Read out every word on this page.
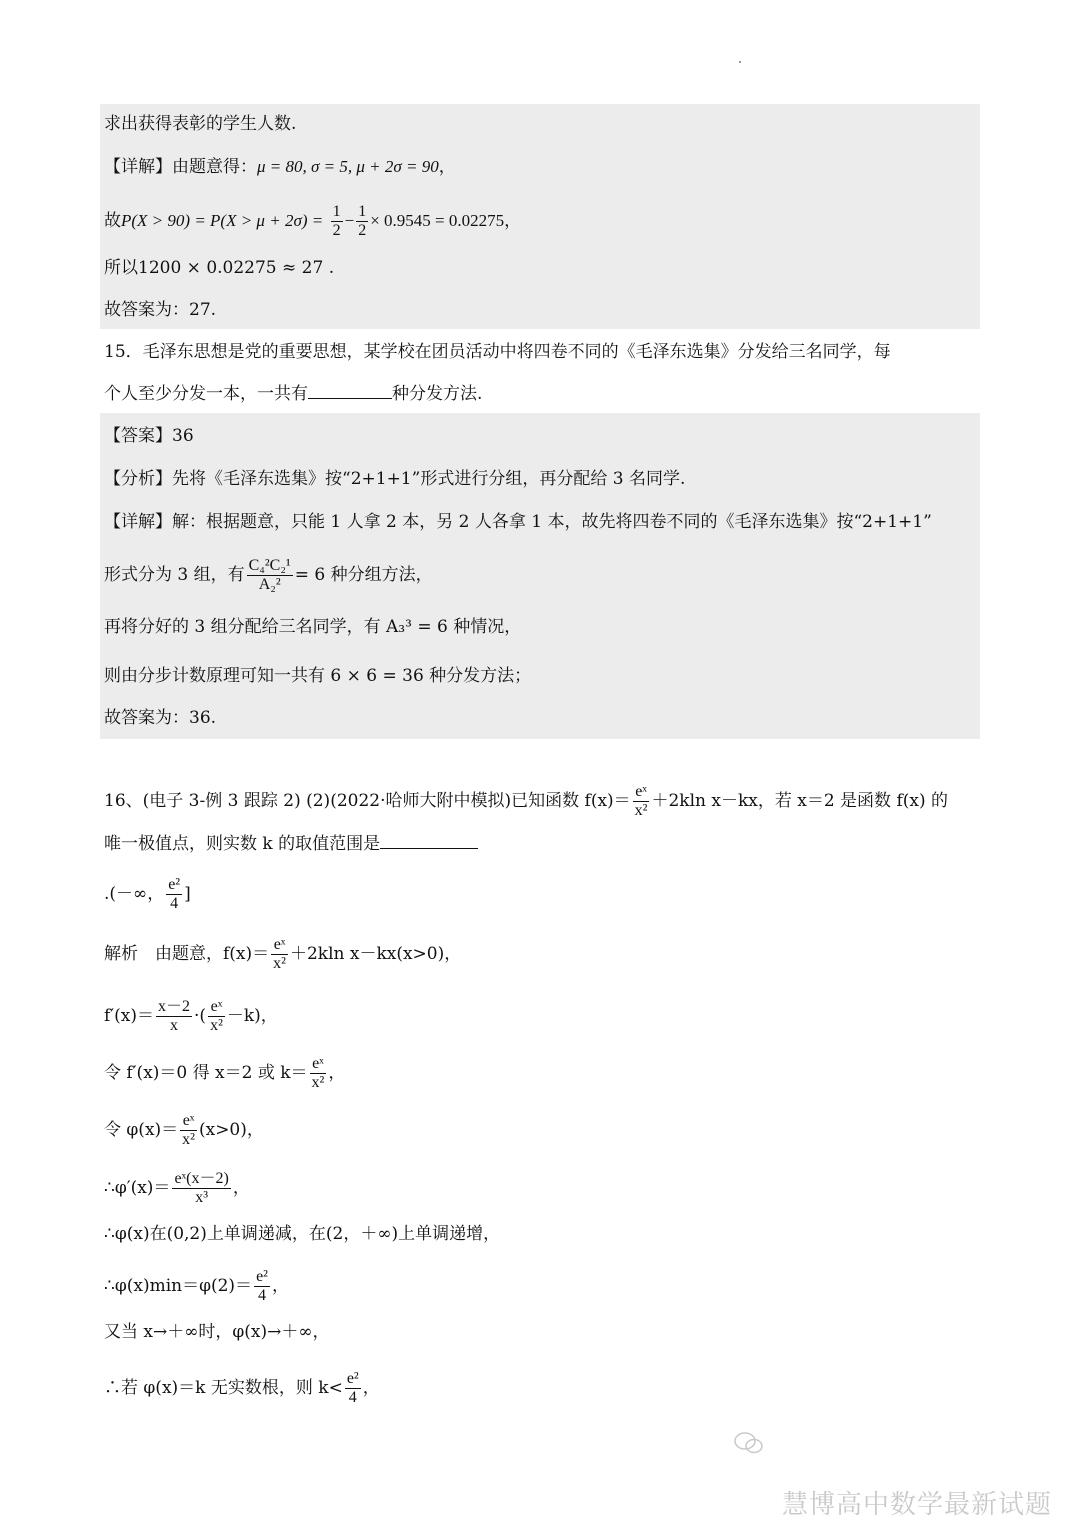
求出获得表彰的学生人数.
【详解】由题意得：μ = 80, σ = 5, μ + 2σ = 90，
故$P(X > 90) = P(X > \mu + 2\sigma) = \frac{1}{2} - \frac{1}{2} \times 0.9545 = 0.02275$，
所以1200 × 0.02275 ≈ 27 .
故答案为：27.
15．毛泽东思想是党的重要思想，某学校在团员活动中将四卷不同的《毛泽东选集》分发给三名同学，每
个人至少分发一本，一共有	种分发方法.
【答案】36
【分析】先将《毛泽东选集》按“2+1+1”形式进行分组，再分配给 3 名同学.
【详解】解：根据题意，只能 1 人拿 2 本，另 2 人各拿 1 本，故先将四卷不同的《毛泽东选集》按“2+1+1”
形式分为 3 组，有 $\frac{\text{C₄²C₂¹}}{\text{A₂²}} = 6$ 种分组方法，
再将分好的 3 组分配给三名同学，有 A₃³ = 6 种情况，
则由分步计数原理可知一共有 6 × 6 = 36 种分发方法；
故答案为：36.
16、(电子 3-例 3 跟踪 2) (2)(2022·哈师大附中模拟)已知函数 $f(x)= \frac{\text{eˣ}}{\text{x²}} +2kln$ x－kx，若 x＝2 是函数 f(x) 的
唯一极值点，则实数 k 的取值范围是
.(－∞， $\frac{\text{e²}}{4}$ ]
解析　由题意，$f(x)= \frac{\text{eˣ}}{\text{x²}} +2kln$ x－kx(x>0)，
$f'(x)= \frac{x-2}{x}$ ·( $\frac{\text{eˣ}}{\text{x²}} -k$)，
令 f′(x)＝0 得 x＝2 或 $k= \frac{\text{eˣ}}{\text{x²}}$ ，
令 $\varphi(x)= \frac{\text{eˣ}}{\text{x²}} (x>0)$，
∴φ′(x)＝ $\frac{\text{eˣ(x－2)}}{\text{x³}}$ ，
∴φ(x)在(0,2)上单调递减，在(2，＋∞)上单调递增，
∴φ(x)min＝φ(2)＝ $\frac{\text{e²}}{4}$ ，
又当 x→＋∞时，φ(x)→＋∞，
∴若 φ(x)＝k 无实数根，则 $k< \frac{\text{e²}}{4}$ ，
慧博高中数学最新试题
